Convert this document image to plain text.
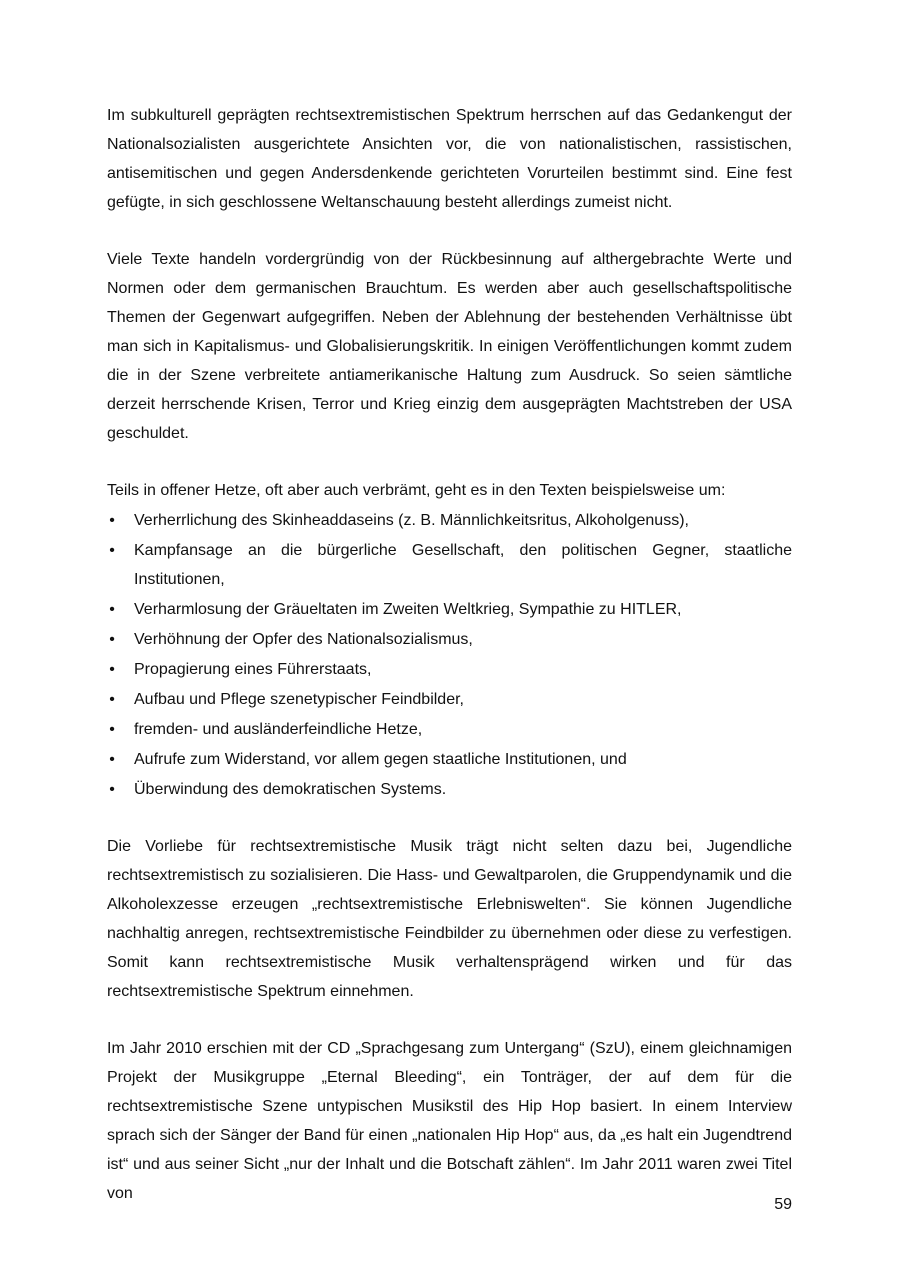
Im subkulturell geprägten rechtsextremistischen Spektrum herrschen auf das Gedankengut der Nationalsozialisten ausgerichtete Ansichten vor, die von nationalistischen, rassistischen, antisemitischen und gegen Andersdenkende gerichteten Vorurteilen bestimmt sind. Eine fest gefügte, in sich geschlossene Weltanschauung besteht allerdings zumeist nicht.

Viele Texte handeln vordergründig von der Rückbesinnung auf althergebrachte Werte und Normen oder dem germanischen Brauchtum. Es werden aber auch gesellschaftspolitische Themen der Gegenwart aufgegriffen. Neben der Ablehnung der bestehenden Verhältnisse übt man sich in Kapitalismus- und Globalisierungskritik. In einigen Veröffentlichungen kommt zudem die in der Szene verbreitete antiamerikanische Haltung zum Ausdruck. So seien sämtliche derzeit herrschende Krisen, Terror und Krieg einzig dem ausgeprägten Machtstreben der USA geschuldet.

Teils in offener Hetze, oft aber auch verbrämt, geht es in den Texten beispielsweise um:

• Verherrlichung des Skinheaddaseins (z. B. Männlichkeitsritus, Alkoholgenuss),
• Kampfansage an die bürgerliche Gesellschaft, den politischen Gegner, staatliche Institutionen,
• Verharmlosung der Gräueltaten im Zweiten Weltkrieg, Sympathie zu HITLER,
• Verhöhnung der Opfer des Nationalsozialismus,
• Propagierung eines Führerstaats,
• Aufbau und Pflege szenetypischer Feindbilder,
• fremden- und ausländerfeindliche Hetze,
• Aufrufe zum Widerstand, vor allem gegen staatliche Institutionen, und
• Überwindung des demokratischen Systems.

Die Vorliebe für rechtsextremistische Musik trägt nicht selten dazu bei, Jugendliche rechtsextremistisch zu sozialisieren. Die Hass- und Gewaltparolen, die Gruppendynamik und die Alkoholexzesse erzeugen „rechtsextremistische Erlebniswelten“. Sie können Jugendliche nachhaltig anregen, rechtsextremistische Feindbilder zu übernehmen oder diese zu verfestigen. Somit kann rechtsextremistische Musik verhaltensprägend wirken und für das rechtsextremistische Spektrum einnehmen.

Im Jahr 2010 erschien mit der CD „Sprachgesang zum Untergang“ (SzU), einem gleichnamigen Projekt der Musikgruppe „Eternal Bleeding“, ein Tonträger, der auf dem für die rechtsextremistische Szene untypischen Musikstil des Hip Hop basiert. In einem Interview sprach sich der Sänger der Band für einen „nationalen Hip Hop“ aus, da „es halt ein Jugendtrend ist“ und aus seiner Sicht „nur der Inhalt und die Botschaft zählen“. Im Jahr 2011 waren zwei Titel von

59
